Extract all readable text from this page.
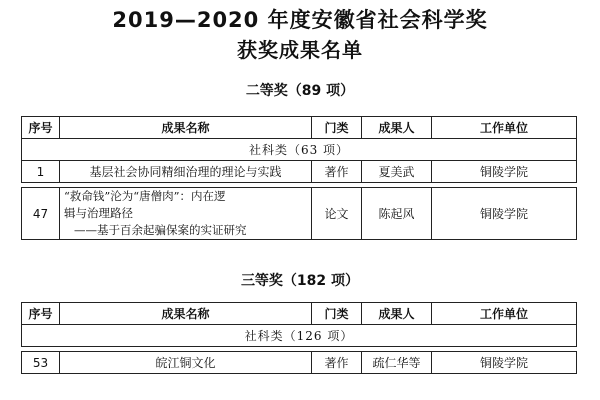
2019—2020 年度安徽省社会科学奖
获奖成果名单
二等奖（89 项）
序号	成果名称	门类	成果人	工作单位
社科类（63 项）				
1	基层社会协同精细治理的理论与实践	著作	夏美武	铜陵学院

47	“救命钱”沦为“唐僧肉”：内在逻
辑与治理路径
——基于百余起骗保案的实证研究	论文	陈起风	铜陵学院
三等奖（182 项）
序号	成果名称	门类	成果人	工作单位
社科类（126 项）				

53	皖江铜文化	著作	疏仁华等	铜陵学院
